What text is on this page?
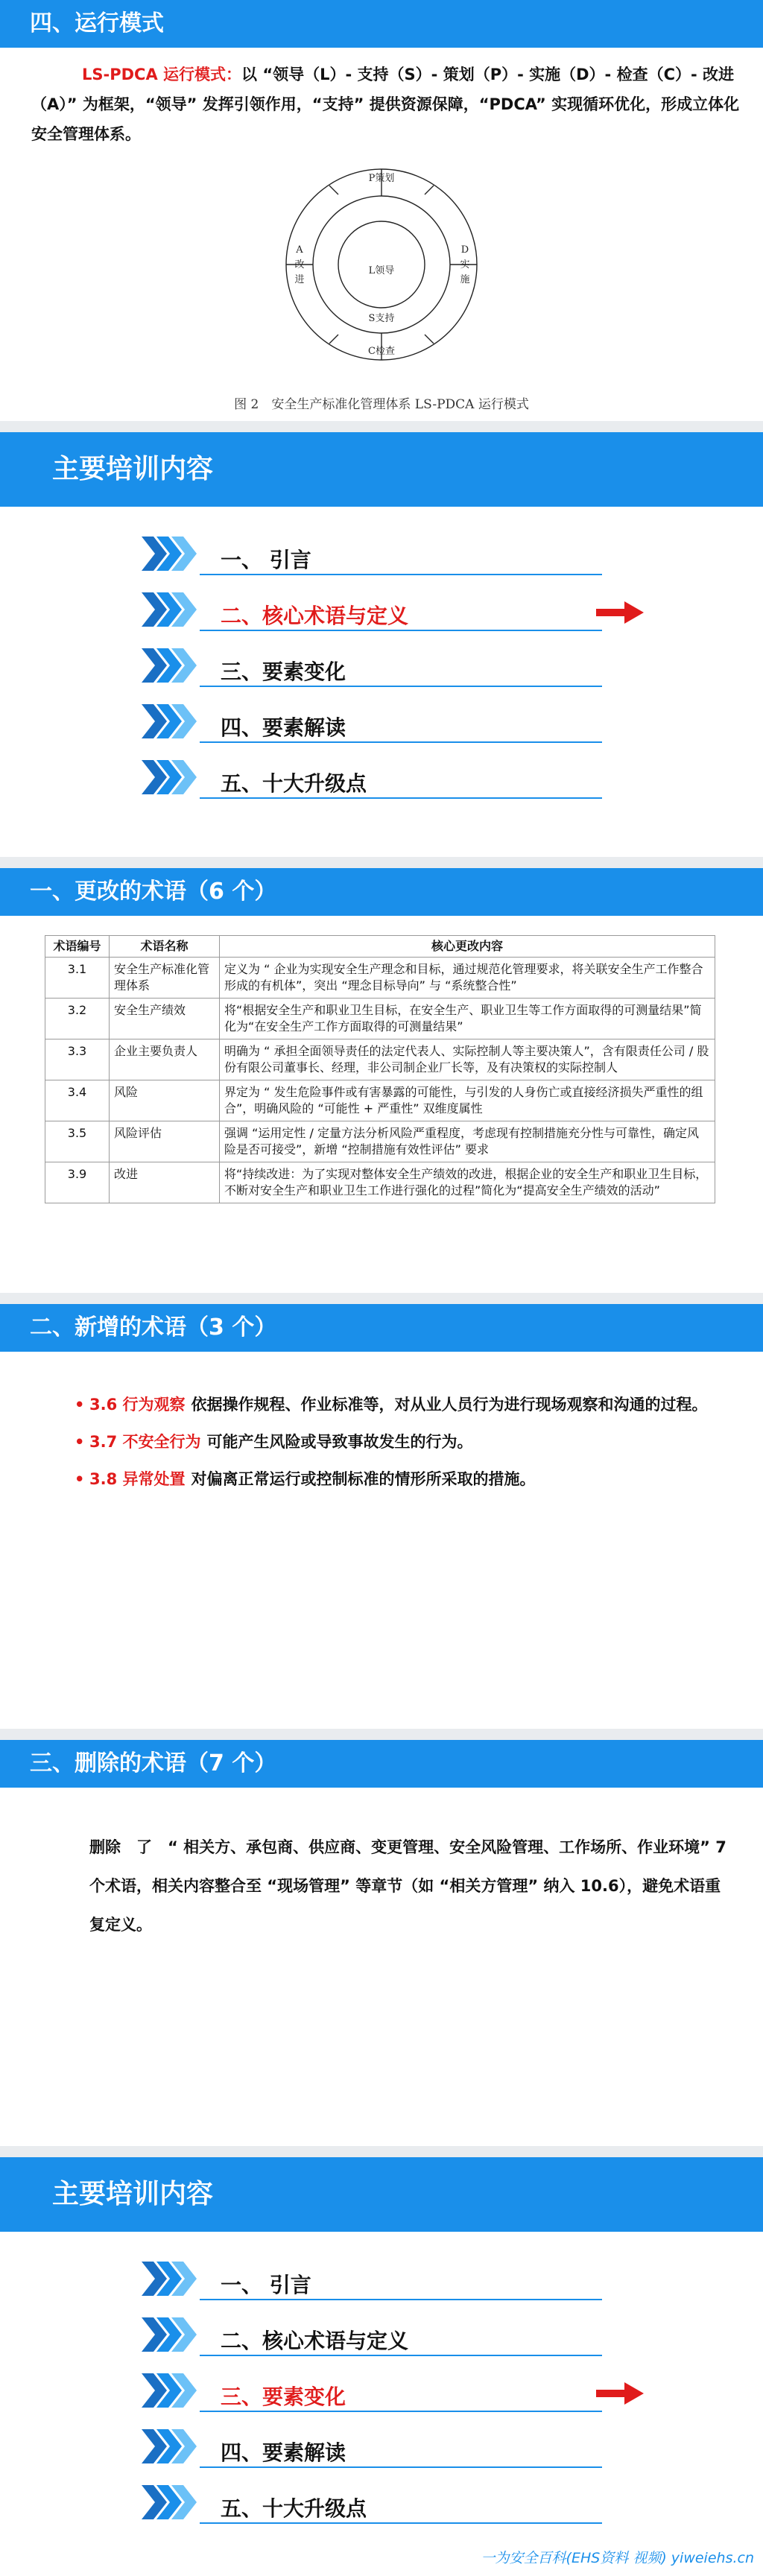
四、运行模式

LS-PDCA 运行模式：以 “领导（L）- 支持（S）- 策划（P）- 实施（D）- 检查（C）- 改进（A）” 为框架，“领导” 发挥引领作用，“支持” 提供资源保障，“PDCA” 实现循环优化，形成立体化安全管理体系。

P策划
L领导
S支持
C检查
D
实
施
A
改
进
图 2　安全生产标准化管理体系 LS-PDCA 运行模式
主要培训内容
一、 引言
二、核心术语与定义
三、要素变化
四、要素解读
五、十大升级点
一、更改的术语（6 个）
术语编号	术语名称	核心更改内容
3.1	安全生产标准化管理体系	定义为 “ 企业为实现安全生产理念和目标，通过规范化管理要求，将关联安全生产工作整合形成的有机体”，突出 “理念目标导向” 与 “系统整合性”
3.2	安全生产绩效	将“根据安全生产和职业卫生目标，在安全生产、职业卫生等工作方面取得的可测量结果”简化为“在安全生产工作方面取得的可测量结果”
3.3	企业主要负责人	明确为 “ 承担全面领导责任的法定代表人、实际控制人等主要决策人”，含有限责任公司 / 股份有限公司董事长、经理，非公司制企业厂长等，及有决策权的实际控制人
3.4	风险	界定为 “ 发生危险事件或有害暴露的可能性，与引发的人身伤亡或直接经济损失严重性的组合”，明确风险的 “可能性 + 严重性” 双维度属性
3.5	风险评估	强调 “运用定性 / 定量方法分析风险严重程度，考虑现有控制措施充分性与可靠性，确定风险是否可接受”，新增 “控制措施有效性评估” 要求
3.9	改进	将“持续改进：为了实现对整体安全生产绩效的改进，根据企业的安全生产和职业卫生目标，不断对安全生产和职业卫生工作进行强化的过程”简化为“提高安全生产绩效的活动”
二、新增的术语（3 个）
• 3.6 行为观察 依据操作规程、作业标准等，对从业人员行为进行现场观察和沟通的过程。
• 3.7 不安全行为 可能产生风险或导致事故发生的行为。
• 3.8 异常处置 对偏离正常运行或控制标准的情形所采取的措施。
三、删除的术语（7 个）

删除　了　“ 相关方、承包商、供应商、变更管理、安全风险管理、工作场所、作业环境” 7 个术语，相关内容整合至 “现场管理” 等章节（如 “相关方管理” 纳入 10.6），避免术语重复定义。

主要培训内容
一、 引言
二、核心术语与定义
三、要素变化
四、要素解读
五、十大升级点
一为安全百科(EHS资料 视频) yiweiehs.cn
